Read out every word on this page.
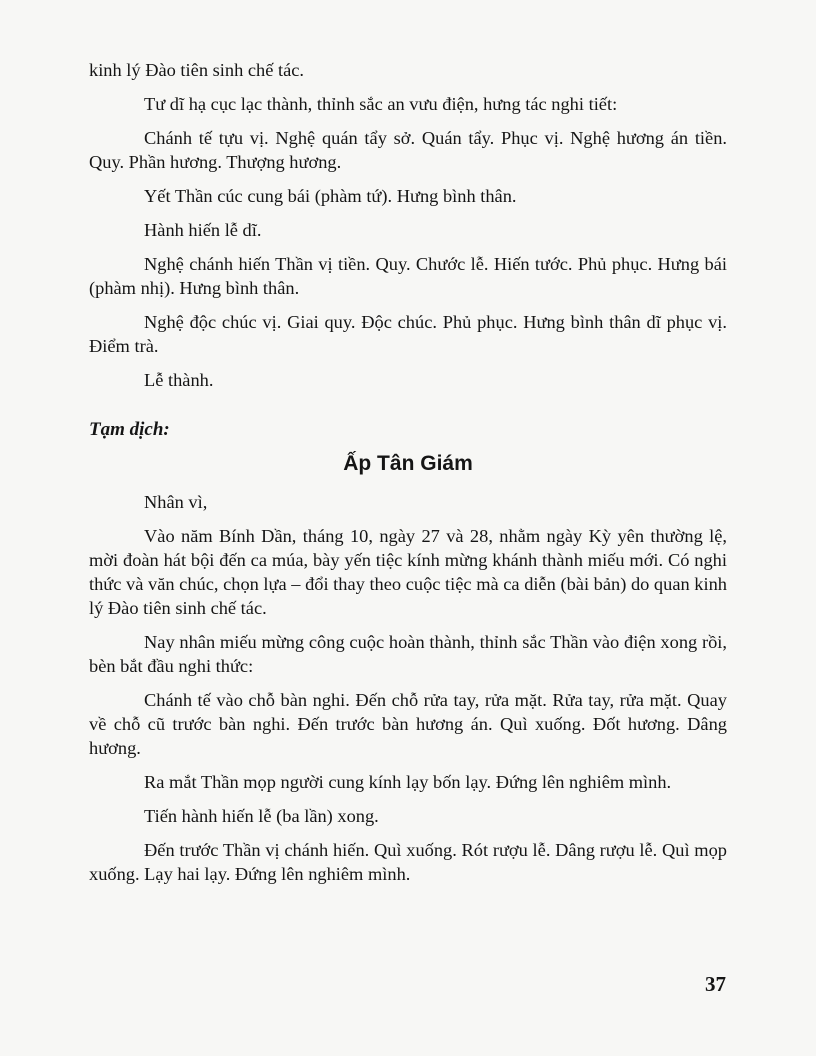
kinh lý Đào tiên sinh chế tác.

Tư dĩ hạ cục lạc thành, thỉnh sắc an vưu điện, hưng tác nghi tiết:

Chánh tế tựu vị. Nghệ quán tẩy sở. Quán tẩy. Phục vị. Nghệ hương án tiền. Quy. Phần hương. Thượng hương.

Yết Thần cúc cung bái (phàm tứ). Hưng bình thân.

Hành hiến lễ dĩ.

Nghệ chánh hiến Thần vị tiền. Quy. Chước lễ. Hiến tước. Phủ phục. Hưng bái (phàm nhị). Hưng bình thân.

Nghệ độc chúc vị. Giai quy. Độc chúc. Phủ phục. Hưng bình thân dĩ phục vị. Điểm trà.

Lễ thành.

Tạm dịch:
Ấp Tân Giám

Nhân vì,

Vào năm Bính Dần, tháng 10, ngày 27 và 28, nhằm ngày Kỳ yên thường lệ, mời đoàn hát bội đến ca múa, bày yến tiệc kính mừng khánh thành miếu mới. Có nghi thức và văn chúc, chọn lựa – đổi thay theo cuộc tiệc mà ca diễn (bài bản) do quan kinh lý Đào tiên sinh chế tác.

Nay nhân miếu mừng công cuộc hoàn thành, thỉnh sắc Thần vào điện xong rồi, bèn bắt đầu nghi thức:

Chánh tế vào chỗ bàn nghi. Đến chỗ rửa tay, rửa mặt. Rửa tay, rửa mặt. Quay về chỗ cũ trước bàn nghi. Đến trước bàn hương án. Quì xuống. Đốt hương. Dâng hương.

Ra mắt Thần mọp người cung kính lạy bốn lạy. Đứng lên nghiêm mình.

Tiến hành hiến lễ (ba lần) xong.

Đến trước Thần vị chánh hiến. Quì xuống. Rót rượu lễ. Dâng rượu lễ. Quì mọp xuống. Lạy hai lạy. Đứng lên nghiêm mình.

37
